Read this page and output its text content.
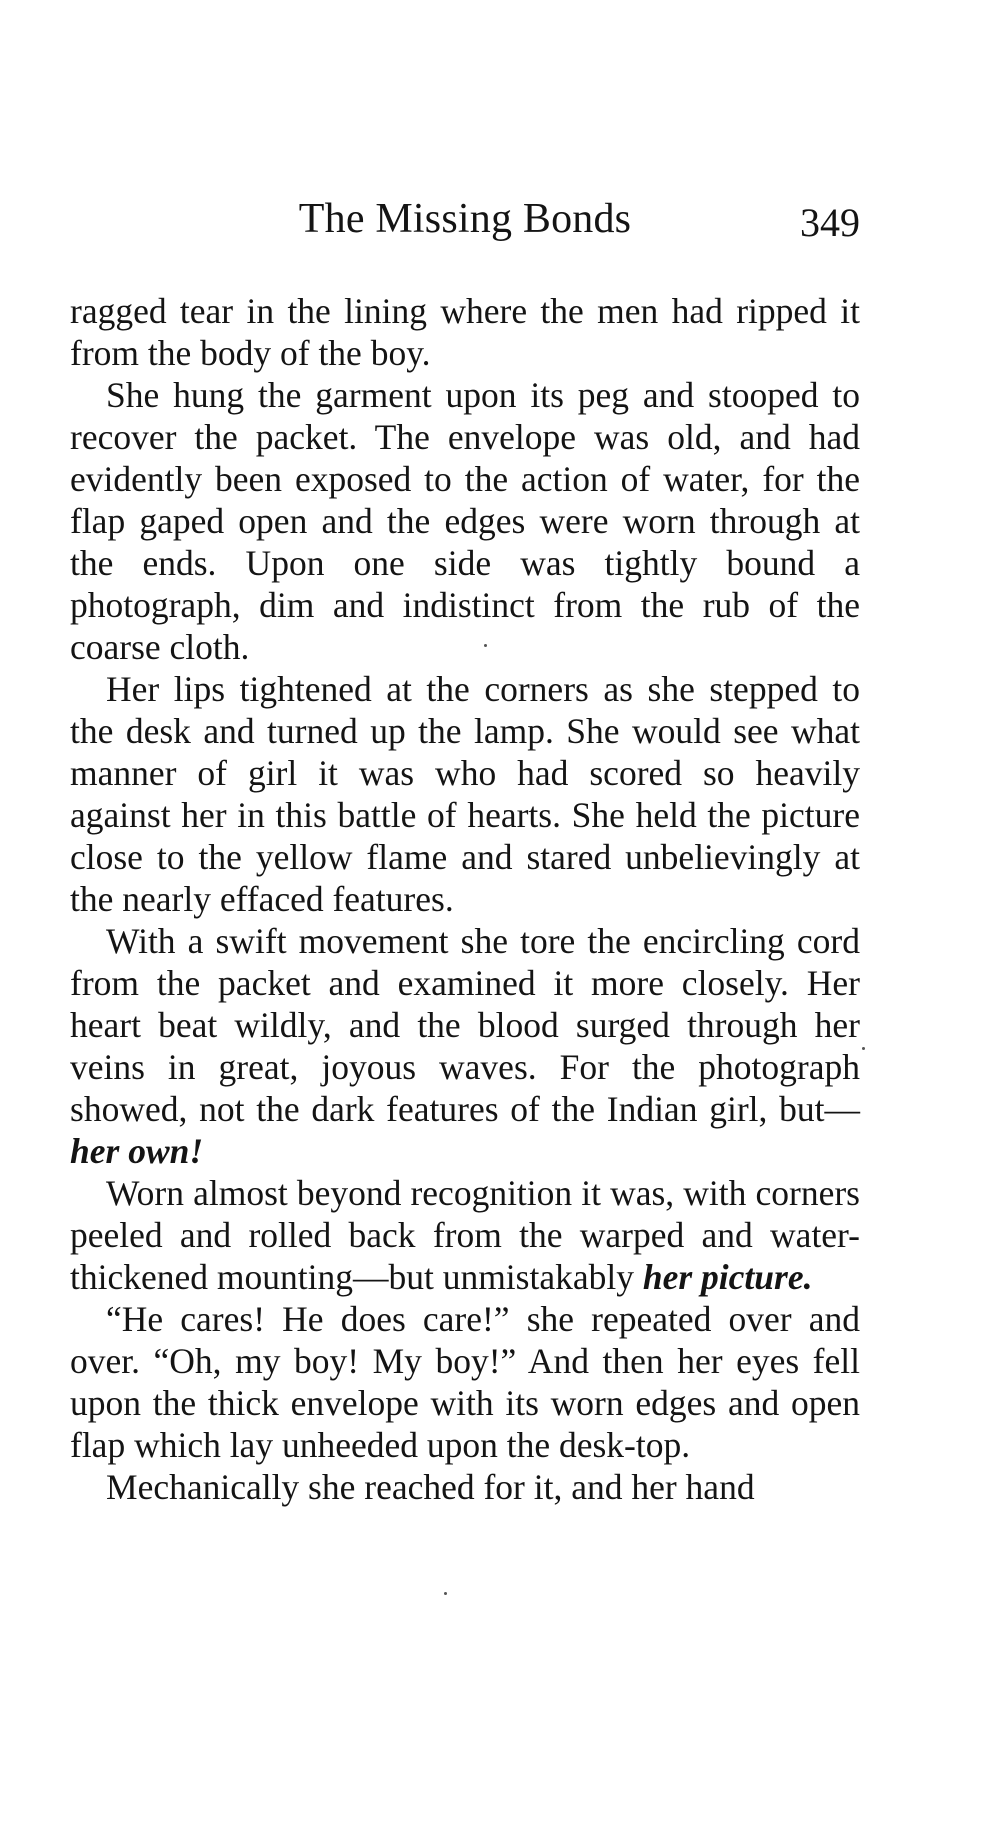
The Missing Bonds	349

ragged tear in the lining where the men had ripped it from the body of the boy.

She hung the garment upon its peg and stooped to recover the packet. The envelope was old, and had evidently been exposed to the action of water, for the flap gaped open and the edges were worn through at the ends. Upon one side was tightly bound a photograph, dim and indistinct from the rub of the coarse cloth.

Her lips tightened at the corners as she stepped to the desk and turned up the lamp. She would see what manner of girl it was who had scored so heavily against her in this battle of hearts. She held the picture close to the yellow flame and stared unbelievingly at the nearly effaced features.

With a swift movement she tore the encircling cord from the packet and examined it more closely. Her heart beat wildly, and the blood surged through her veins in great, joyous waves. For the photograph showed, not the dark features of the Indian girl, but—her own!

Worn almost beyond recognition it was, with corners peeled and rolled back from the warped and water-thickened mounting—but unmistakably her picture.

“He cares! He does care!” she repeated over and over. “Oh, my boy! My boy!” And then her eyes fell upon the thick envelope with its worn edges and open flap which lay unheeded upon the desk-top.

Mechanically she reached for it, and her hand
